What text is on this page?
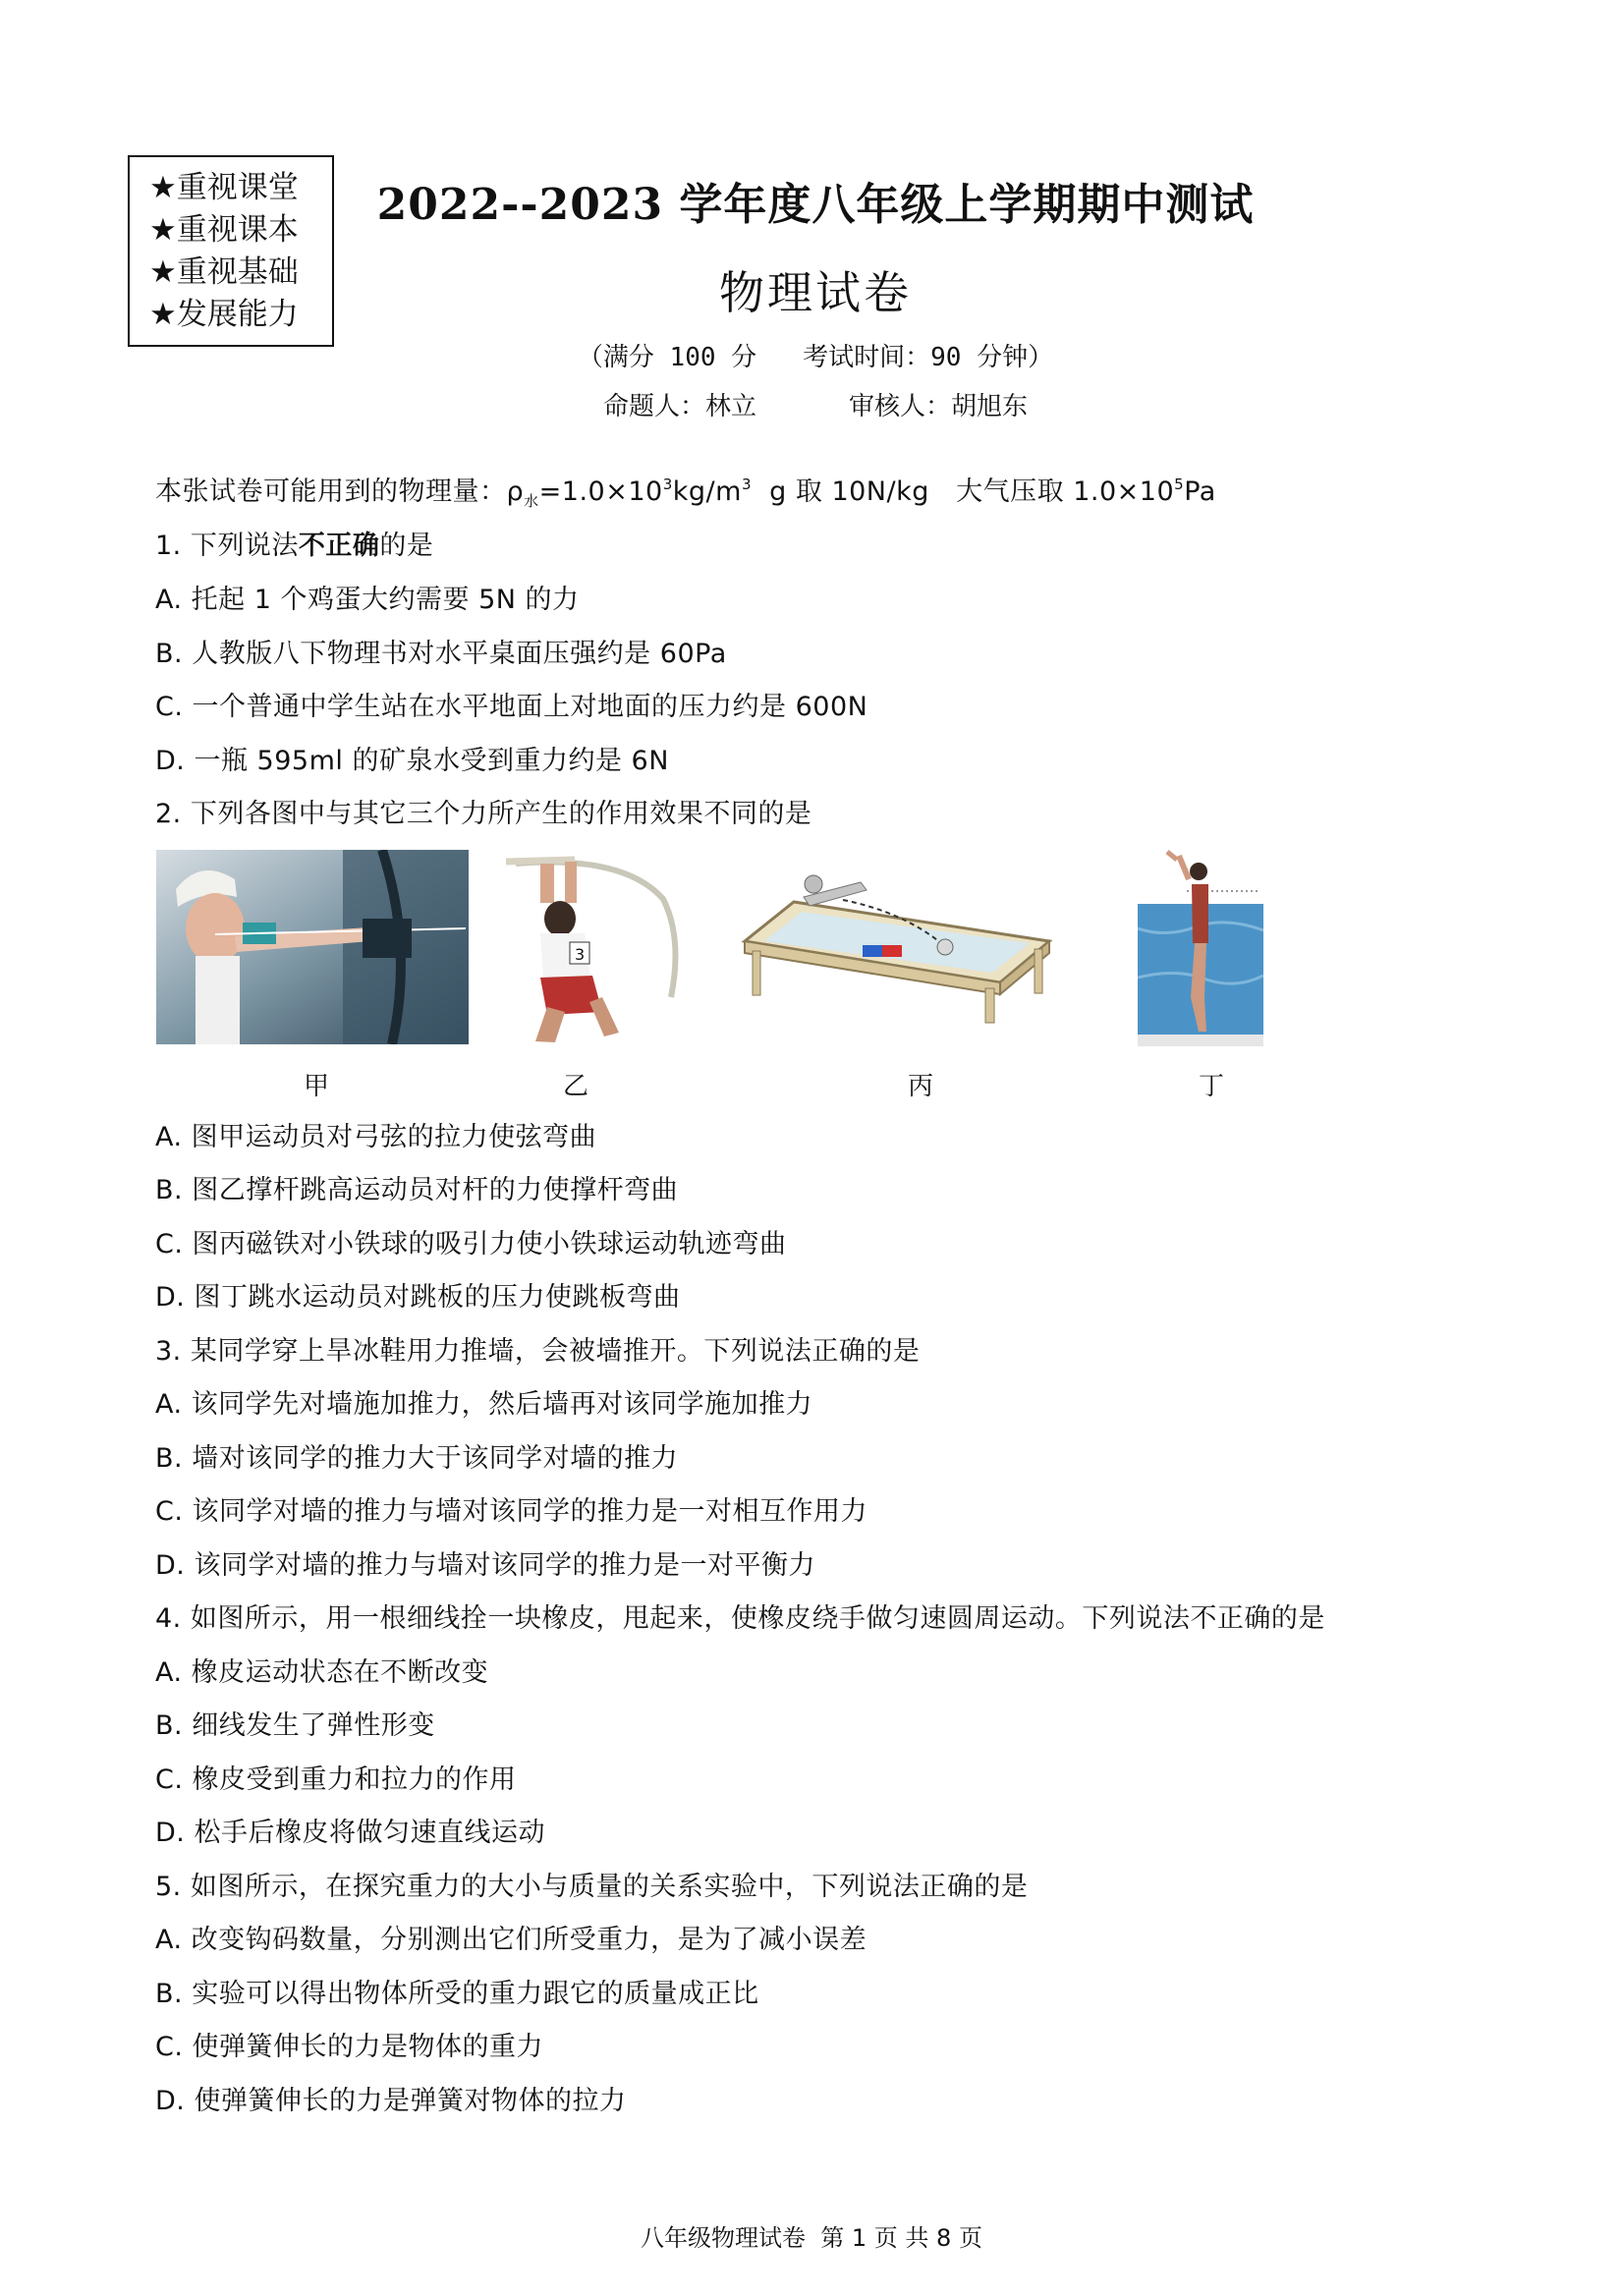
★重视课堂
★重视课本
★重视基础
★发展能力
2022--2023 学年度八年级上学期期中测试
物理试卷
（满分 100 分   考试时间：90 分钟）
命题人：林立      审核人：胡旭东
本张试卷可能用到的物理量：$\rho_水=1.0\times 10^3kg/m^3$  g 取 10N/kg   大气压取 $1.0\times 10^5Pa$
1. 下列说法不正确的是
A. 托起 1 个鸡蛋大约需要 5N 的力
B. 人教版八下物理书对水平桌面压强约是 60Pa
C. 一个普通中学生站在水平地面上对地面的压力约是 600N
D. 一瓶 595ml 的矿泉水受到重力约是 6N
2. 下列各图中与其它三个力所产生的作用效果不同的是
3
甲	乙	丙	丁
A. 图甲运动员对弓弦的拉力使弦弯曲
B. 图乙撑杆跳高运动员对杆的力使撑杆弯曲
C. 图丙磁铁对小铁球的吸引力使小铁球运动轨迹弯曲
D. 图丁跳水运动员对跳板的压力使跳板弯曲
3. 某同学穿上旱冰鞋用力推墙，会被墙推开。下列说法正确的是
A. 该同学先对墙施加推力，然后墙再对该同学施加推力
B. 墙对该同学的推力大于该同学对墙的推力
C. 该同学对墙的推力与墙对该同学的推力是一对相互作用力
D. 该同学对墙的推力与墙对该同学的推力是一对平衡力
4. 如图所示，用一根细线拴一块橡皮，甩起来，使橡皮绕手做匀速圆周运动。下列说法不正确的是
A. 橡皮运动状态在不断改变
B. 细线发生了弹性形变
C. 橡皮受到重力和拉力的作用
D. 松手后橡皮将做匀速直线运动
5. 如图所示，在探究重力的大小与质量的关系实验中，下列说法正确的是
A. 改变钩码数量，分别测出它们所受重力，是为了减小误差
B. 实验可以得出物体所受的重力跟它的质量成正比
C. 使弹簧伸长的力是物体的重力
D. 使弹簧伸长的力是弹簧对物体的拉力
八年级物理试卷  第 1 页 共 8 页
